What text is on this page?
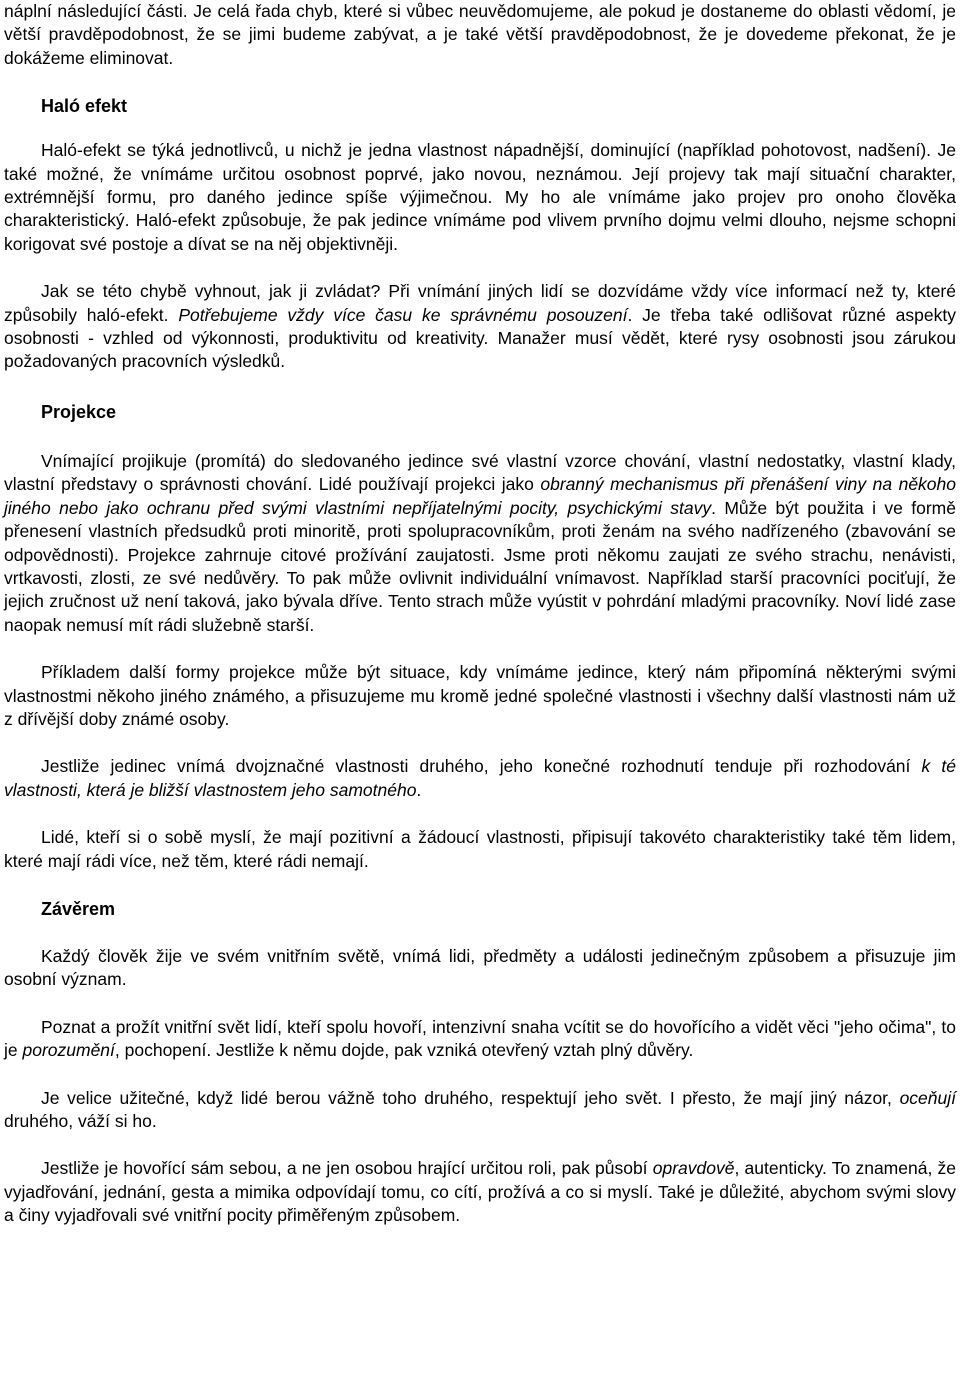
náplní následující části. Je celá řada chyb, které si vůbec neuvědomujeme, ale pokud je dostaneme do oblasti vědomí, je větší pravděpodobnost, že se jimi budeme zabývat, a je také větší pravděpodobnost, že je dovedeme překonat, že je dokážeme eliminovat.

Haló efekt

Haló-efekt se týká jednotlivců, u nichž je jedna vlastnost nápadnější, dominující (například pohotovost, nadšení). Je také možné, že vnímáme určitou osobnost poprvé, jako novou, neznámou. Její projevy tak mají situační charakter, extrémnější formu, pro daného jedince spíše výjimečnou. My ho ale vnímáme jako projev pro onoho člověka charakteristický. Haló-efekt způsobuje, že pak jedince vnímáme pod vlivem prvního dojmu velmi dlouho, nejsme schopni korigovat své postoje a dívat se na něj objektivněji.

Jak se této chybě vyhnout, jak ji zvládat? Při vnímání jiných lidí se dozvídáme vždy více informací než ty, které způsobily haló-efekt. Potřebujeme vždy více času ke správnému posouzení. Je třeba také odlišovat různé aspekty osobnosti - vzhled od výkonnosti, produktivitu od kreativity. Manažer musí vědět, které rysy osobnosti jsou zárukou požadovaných pracovních výsledků.

Projekce

Vnímající projikuje (promítá) do sledovaného jedince své vlastní vzorce chování, vlastní nedostatky, vlastní klady, vlastní představy o správnosti chování. Lidé používají projekci jako obranný mechanismus při přenášení viny na někoho jiného nebo jako ochranu před svými vlastními nepříjatelnými pocity, psychickými stavy. Může být použita i ve formě přenesení vlastních předsudků proti minoritě, proti spolupracovníkům, proti ženám na svého nadřízeného (zbavování se odpovědnosti). Projekce zahrnuje citové prožívání zaujatosti. Jsme proti někomu zaujati ze svého strachu, nenávisti, vrtkavosti, zlosti, ze své nedůvěry. To pak může ovlivnit individuální vnímavost. Například starší pracovníci pociťují, že jejich zručnost už není taková, jako bývala dříve. Tento strach může vyústit v pohrdání mladými pracovníky. Noví lidé zase naopak nemusí mít rádi služebně starší.

Příkladem další formy projekce může být situace, kdy vnímáme jedince, který nám připomíná některými svými vlastnostmi někoho jiného známého, a přisuzujeme mu kromě jedné společné vlastnosti i všechny další vlastnosti nám už z dřívější doby známé osoby.

Jestliže jedinec vnímá dvojznačné vlastnosti druhého, jeho konečné rozhodnutí tenduje při rozhodování k té vlastnosti, která je bližší vlastnostem jeho samotného.

Lidé, kteří si o sobě myslí, že mají pozitivní a žádoucí vlastnosti, připisují takovéto charakteristiky také těm lidem, které mají rádi více, než těm, které rádi nemají.

Závěrem

Každý člověk žije ve svém vnitřním světě, vnímá lidi, předměty a události jedinečným způsobem a přisuzuje jim osobní význam.

Poznat a prožít vnitřní svět lidí, kteří spolu hovoří, intenzivní snaha vcítit se do hovořícího a vidět věci "jeho očima", to je porozumění, pochopení. Jestliže k němu dojde, pak vzniká otevřený vztah plný důvěry.

Je velice užitečné, když lidé berou vážně toho druhého, respektují jeho svět. I přesto, že mají jiný názor, oceňují druhého, váží si ho.

Jestliže je hovořící sám sebou, a ne jen osobou hrající určitou roli, pak působí opravdově, autenticky. To znamená, že vyjadřování, jednání, gesta a mimika odpovídají tomu, co cítí, prožívá a co si myslí. Také je důležité, abychom svými slovy a činy vyjadřovali své vnitřní pocity přiměřeným způsobem.
